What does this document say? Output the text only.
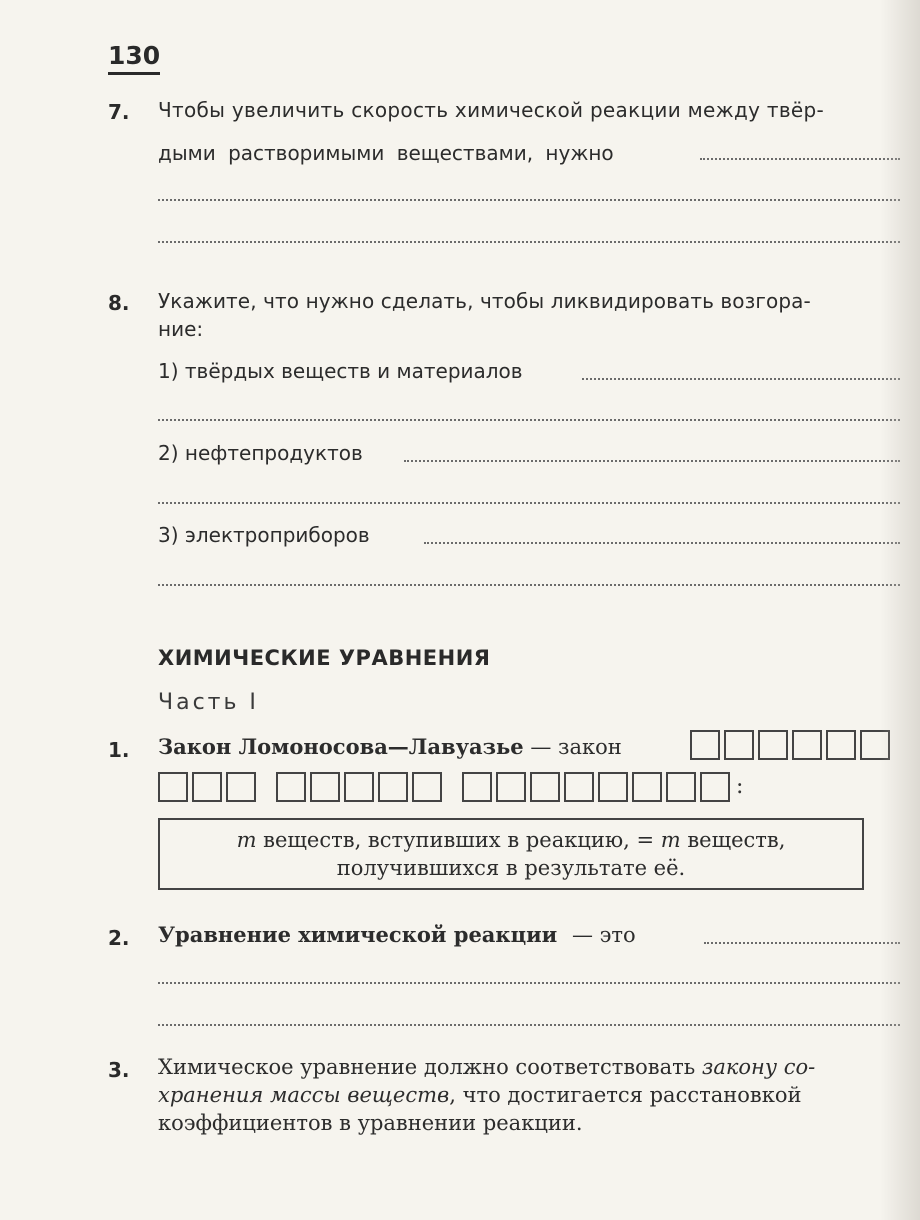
130
7. Чтобы увеличить скорость химической реакции между твёр-
дыми растворимыми веществами, нужно
8. Укажите, что нужно сделать, чтобы ликвидировать возгора-
ние:
1) твёрдых веществ и материалов
2) нефтепродуктов
3) электроприборов
ХИМИЧЕСКИЕ УРАВНЕНИЯ
Часть I
1. Закон Ломоносова—Лавуазье — закон
:
m веществ, вступивших в реакцию, = m веществ,
получившихся в результате её.
2. Уравнение химической реакции — это
3. Химическое уравнение должно соответствовать закону со-
хранения массы веществ, что достигается расстановкой
коэффициентов в уравнении реакции.
